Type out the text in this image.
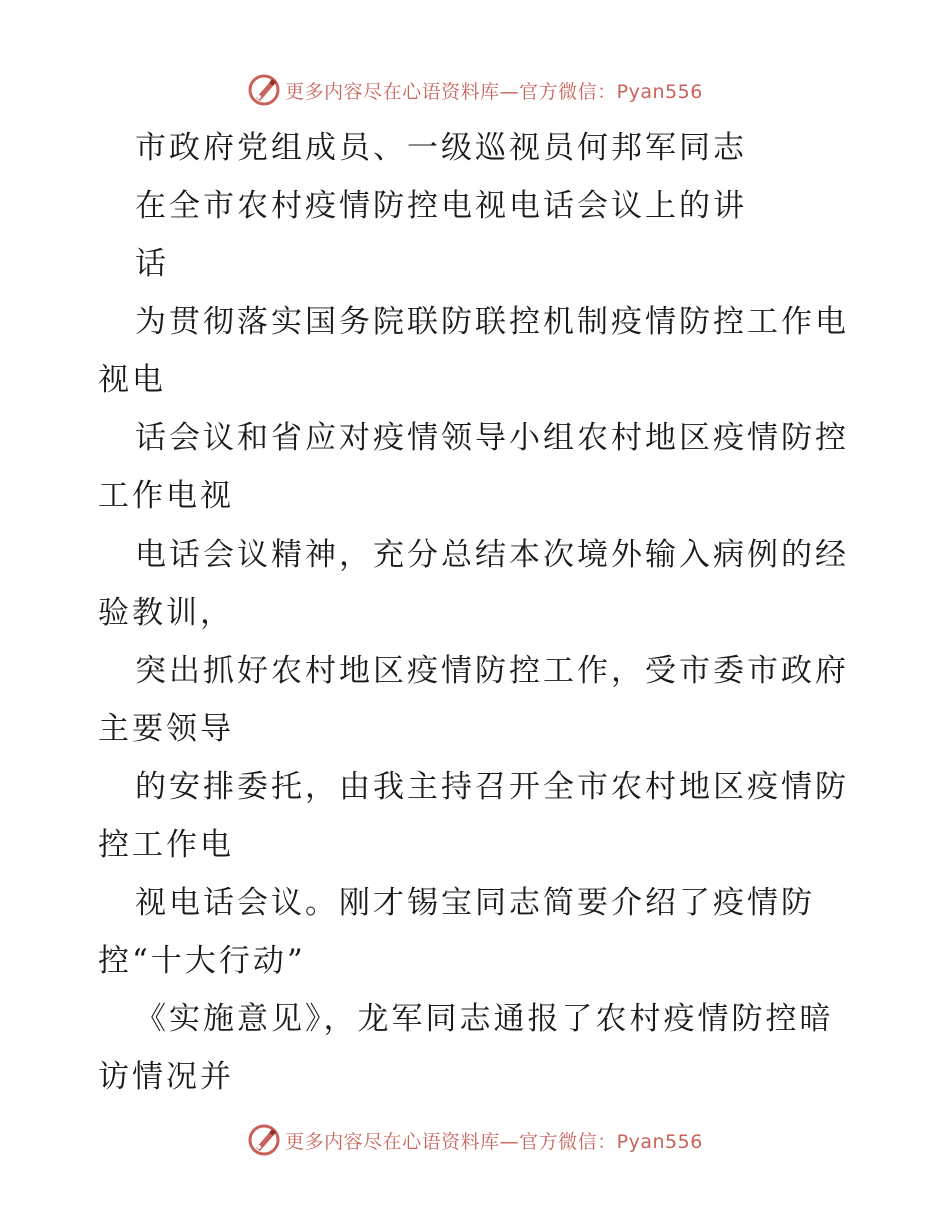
更多内容尽在心语资料库—官方微信：Pyan556
市政府党组成员、一级巡视员何邦军同志
在全市农村疫情防控电视电话会议上的讲
话
为贯彻落实国务院联防联控机制疫情防控工作电
视电
话会议和省应对疫情领导小组农村地区疫情防控
工作电视
电话会议精神，充分总结本次境外输入病例的经
验教训，
突出抓好农村地区疫情防控工作，受市委市政府
主要领导
的安排委托，由我主持召开全市农村地区疫情防
控工作电
视电话会议。刚才锡宝同志简要介绍了疫情防
控“十大行动”
《实施意见》，龙军同志通报了农村疫情防控暗
访情况并
更多内容尽在心语资料库—官方微信：Pyan556
